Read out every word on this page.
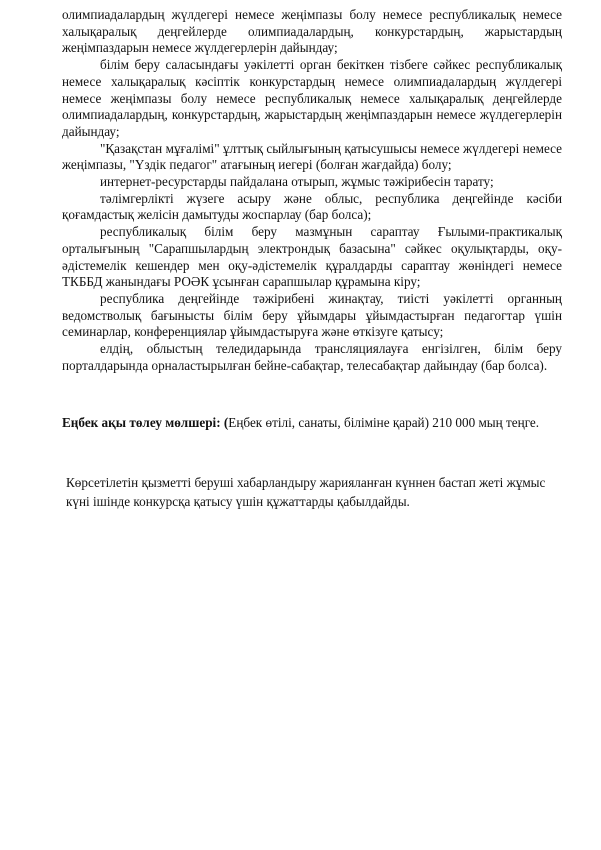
олимпиадалардың жүлдегері немесе жеңімпазы болу немесе республикалық немесе халықаралық деңгейлерде олимпиадалардың, конкурстардың, жарыстардың жеңімпаздарын немесе жүлдегерлерін дайындау;

білім беру саласындағы уәкілетті орган бекіткен тізбеге сәйкес республикалық немесе халықаралық кәсіптік конкурстардың немесе олимпиадалардың жүлдегері немесе жеңімпазы болу немесе республикалық немесе халықаралық деңгейлерде олимпиадалардың, конкурстардың, жарыстардың жеңімпаздарын немесе жүлдегерлерін дайындау;

"Қазақстан мұғалімі" ұлттық сыйлығының қатысушысы немесе жүлдегері немесе жеңімпазы, "Үздік педагог" атағының иегері (болған жағдайда) болу;

интернет-ресурстарды пайдалана отырып, жұмыс тәжірибесін тарату;

тәлімгерлікті жүзеге асыру және облыс, республика деңгейінде кәсіби қоғамдастық желісін дамытуды жоспарлау (бар болса);

республикалық білім беру мазмұнын сараптау Ғылыми-практикалық орталығының "Сарапшылардың электрондық базасына" сәйкес оқулықтарды, оқу-әдістемелік кешендер мен оқу-әдістемелік құралдарды сараптау жөніндегі немесе ТКББД жанындағы РОӘК ұсынған сарапшылар құрамына кіру;

республика деңгейінде тәжірибені жинақтау, тиісті уәкілетті органның ведомстволық бағынысты білім беру ұйымдары ұйымдастырған педагогтар үшін семинарлар, конференциялар ұйымдастыруға және өткізуге қатысу;

елдің, облыстың теледидарында трансляциялауға енгізілген, білім беру порталдарында орналастырылған бейне-сабақтар, телесабақтар дайындау (бар болса).

Еңбек ақы төлеу мөлшері: (Еңбек өтілі, санаты, біліміне қарай) 210 000 мың теңге.

Көрсетілетін қызметті беруші хабарландыру жарияланған күннен бастап жеті жұмыс күні ішінде конкурсқа қатысу үшін құжаттарды қабылдайды.
